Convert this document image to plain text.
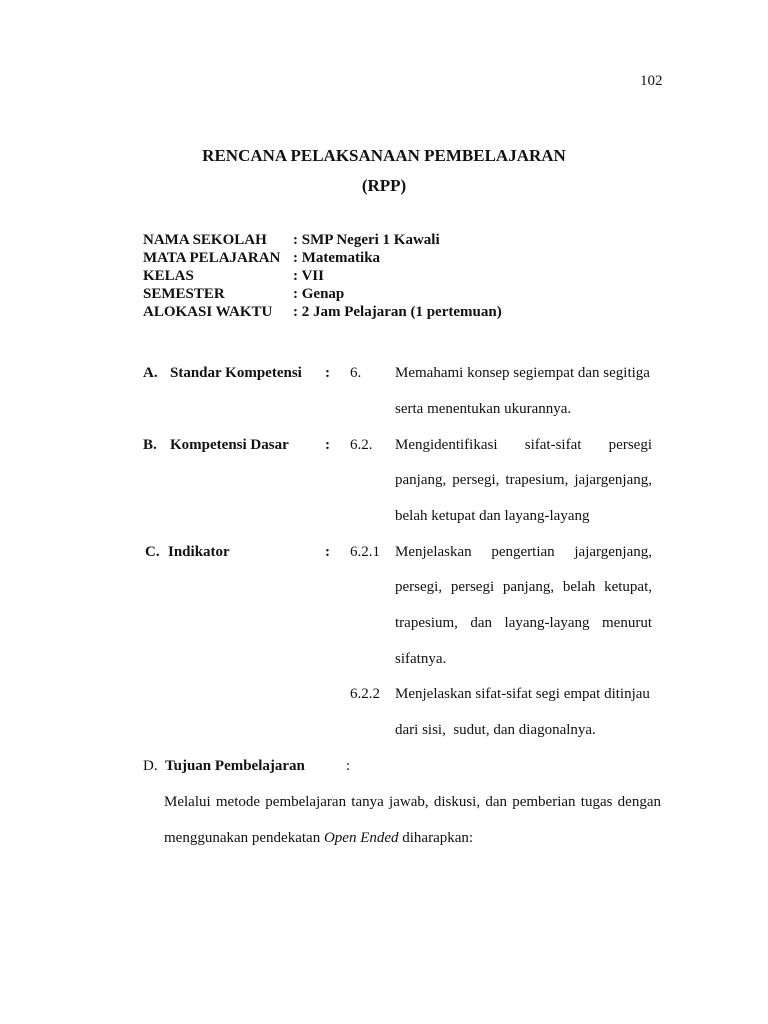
102
RENCANA PELAKSANAAN PEMBELAJARAN
(RPP)
NAMA SEKOLAH : SMP Negeri 1 Kawali
MATA PELAJARAN : Matematika
KELAS	: VII
SEMESTER	: Genap
ALOKASI WAKTU : 2 Jam Pelajaran (1 pertemuan)
A. Standar Kompetensi : 6. Memahami konsep segiempat dan segitiga
serta menentukan ukurannya.
B. Kompetensi Dasar : 6.2. Mengidentifikasi sifat-sifat persegi
panjang, persegi, trapesium, jajargenjang,
belah ketupat dan layang-layang
C. Indikator	: 6.2.1 Menjelaskan pengertian jajargenjang,
persegi, persegi panjang, belah ketupat,
trapesium, dan layang-layang menurut
sifatnya.
6.2.2 Menjelaskan sifat-sifat segi empat ditinjau
dari sisi,  sudut, dan diagonalnya.
D. Tujuan Pembelajaran	:
Melalui metode pembelajaran tanya jawab, diskusi, dan pemberian tugas dengan
menggunakan pendekatan Open Ended diharapkan:
